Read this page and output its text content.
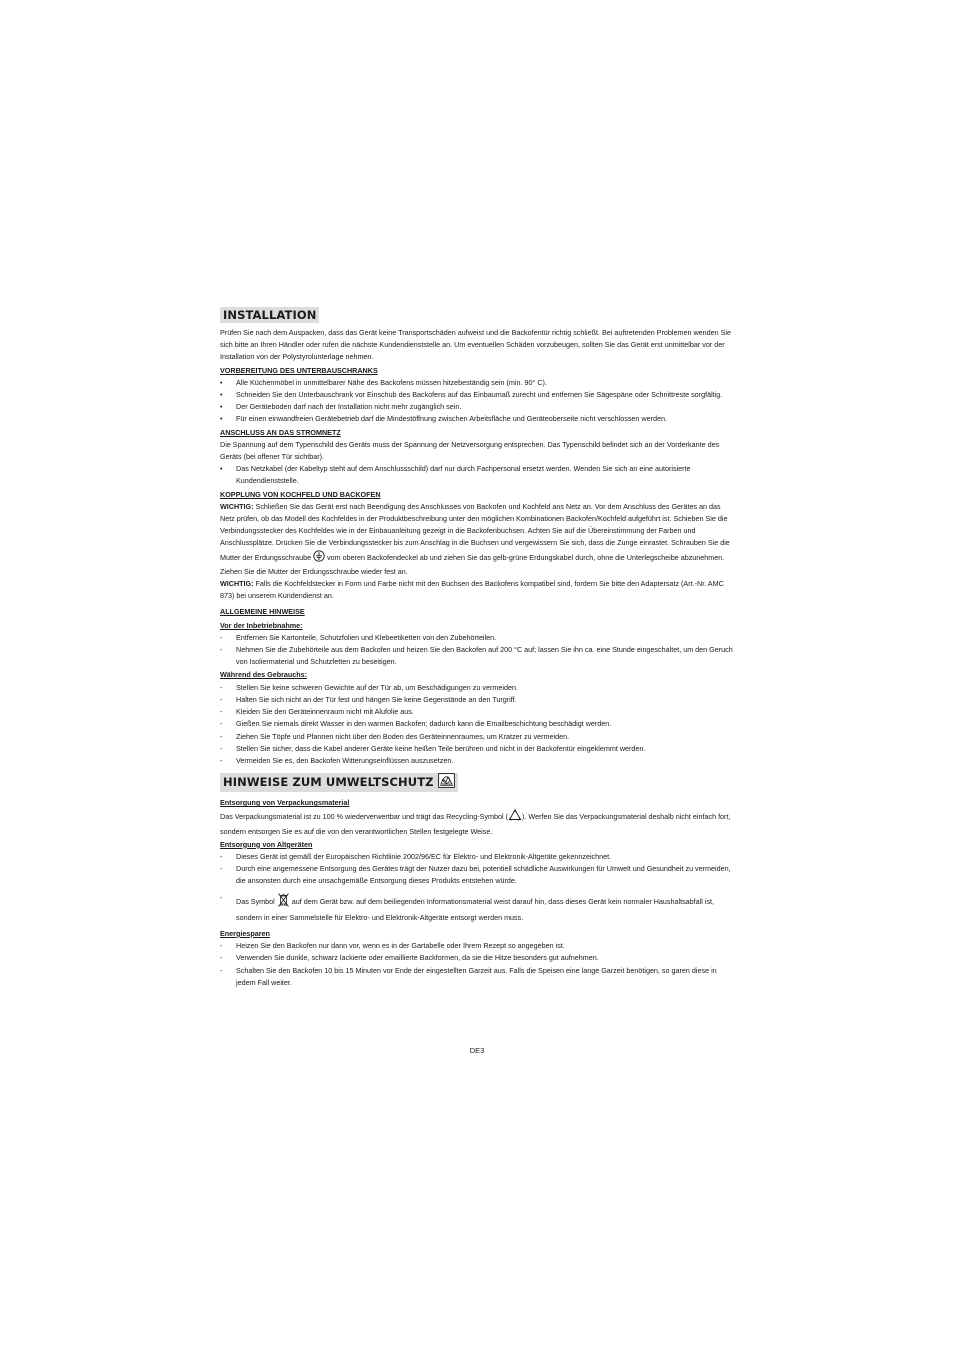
INSTALLATION

Prüfen Sie nach dem Auspacken, dass das Gerät keine Transportschäden aufweist und die Backofentür richtig schließt. Bei auftretenden Problemen wenden Sie sich bitte an Ihren Händler oder rufen die nächste Kundendienststelle an. Um eventuellen Schäden vorzubeugen, sollten Sie das Gerät erst unmittelbar vor der Installation von der Polystyrolunterlage nehmen.

VORBEREITUNG DES UNTERBAUSCHRANKS
• Alle Küchenmöbel in unmittelbarer Nähe des Backofens müssen hitzebeständig sein (min. 90° C).
• Schneiden Sie den Unterbauschrank vor Einschub des Backofens auf das Einbaumaß zurecht und entfernen Sie Sägespäne oder Schnittreste sorgfältig.
• Der Geräteboden darf nach der Installation nicht mehr zugänglich sein.
• Für einen einwandfreien Gerätebetrieb darf die Mindestöffnung zwischen Arbeitsfläche und Geräteoberseite nicht verschlossen werden.
ANSCHLUSS AN DAS STROMNETZ

Die Spannung auf dem Typenschild des Geräts muss der Spannung der Netzversorgung entsprechen. Das Typenschild befindet sich an der Vorderkante des Geräts (bei offener Tür sichtbar).

• Das Netzkabel (der Kabeltyp steht auf dem Anschlussschild) darf nur durch Fachpersonal ersetzt werden. Wenden Sie sich an eine autorisierte Kundendienststelle.
KOPPLUNG VON KOCHFELD UND BACKOFEN

WICHTIG: Schließen Sie das Gerät erst nach Beendigung des Anschlusses von Backofen und Kochfeld ans Netz an. Vor dem Anschluss des Gerätes an das Netz prüfen, ob das Modell des Kochfeldes in der Produktbeschreibung unter den möglichen Kombinationen Backofen/Kochfeld aufgeführt ist. Schieben Sie die Verbindungsstecker des Kochfeldes wie in der Einbauanleitung gezeigt in die Backofenbuchsen. Achten Sie auf die Übereinstimmung der Farben und Anschlussplätze. Drücken Sie die Verbindungsstecker bis zum Anschlag in die Buchsen und vergewissern Sie sich, dass die Zunge einrastet. Schrauben Sie die Mutter der Erdungsschraube  vom oberen Backofendeckel ab und ziehen Sie das gelb-grüne Erdungskabel durch, ohne die Unterlegscheibe abzunehmen. Ziehen Sie die Mutter der Erdungsschraube wieder fest an.

WICHTIG: Falls die Kochfeldstecker in Form und Farbe nicht mit den Buchsen des Backofens kompatibel sind, fordern Sie bitte den Adaptersatz (Art.-Nr. AMC 873) bei unserem Kundendienst an.

ALLGEMEINE HINWEISE
Vor der Inbetriebnahme:
- Entfernen Sie Kartonteile, Schutzfolien und Klebeetiketten von den Zubehörteilen.
- Nehmen Sie die Zubehörteile aus dem Backofen und heizen Sie den Backofen auf 200 °C auf; lassen Sie ihn ca. eine Stunde eingeschaltet, um den Geruch von Isoliermaterial und Schutzfetten zu beseitigen.
Während des Gebrauchs:
- Stellen Sie keine schweren Gewichte auf der Tür ab, um Beschädigungen zu vermeiden.
- Halten Sie sich nicht an der Tür fest und hängen Sie keine Gegenstände an den Turgriff.
- Kleiden Sie den Geräteinnenraum nicht mit Alufolie aus.
- Gießen Sie niemals direkt Wasser in den warmen Backofen; dadurch kann die Emailbeschichtung beschädigt werden.
- Ziehen Sie Töpfe und Pfannen nicht über den Boden des Geräteinnenraumes, um Kratzer zu vermeiden.
- Stellen Sie sicher, dass die Kabel anderer Geräte keine heißen Teile berühren und nicht in der Backofentür eingeklemmt werden.
- Vermeiden Sie es, den Backofen Witterungseinflüssen auszusetzen.
HINWEISE ZUM UMWELTSCHUTZ
Entsorgung von Verpackungsmaterial

Das Verpackungsmaterial ist zu 100 % wiederverwertbar und trägt das Recycling-Symbol ( ). Werfen Sie das Verpackungsmaterial deshalb nicht einfach fort, sondern entsorgen Sie es auf die von den verantwortlichen Stellen festgelegte Weise.

Entsorgung von Altgeräten
- Dieses Gerät ist gemäß der Europäischen Richtlinie 2002/96/EC für Elektro- und Elektronik-Altgeräte gekennzeichnet.
- Durch eine angemessene Entsorgung des Gerätes trägt der Nutzer dazu bei, potentiell schädliche Auswirkungen für Umwelt und Gesundheit zu vermeiden, die ansonsten durch eine unsachgemäße Entsorgung dieses Produkts entstehen würde.
- Das Symbol  auf dem Gerät bzw. auf dem beiliegenden Informationsmaterial weist darauf hin, dass dieses Gerät kein normaler Haushaltsabfall ist, sondern in einer Sammelstelle für Elektro- und Elektronik-Altgeräte entsorgt werden muss.
Energiesparen
- Heizen Sie den Backofen nur dann vor, wenn es in der Gartabelle oder Ihrem Rezept so angegeben ist.
- Verwenden Sie dunkle, schwarz lackierte oder emaillierte Backformen, da sie die Hitze besonders gut aufnehmen.
- Schalten Sie den Backofen 10 bis 15 Minuten vor Ende der eingestellten Garzeit aus. Falls die Speisen eine lange Garzeit benötigen, so garen diese in jedem Fall weiter.
DE3
